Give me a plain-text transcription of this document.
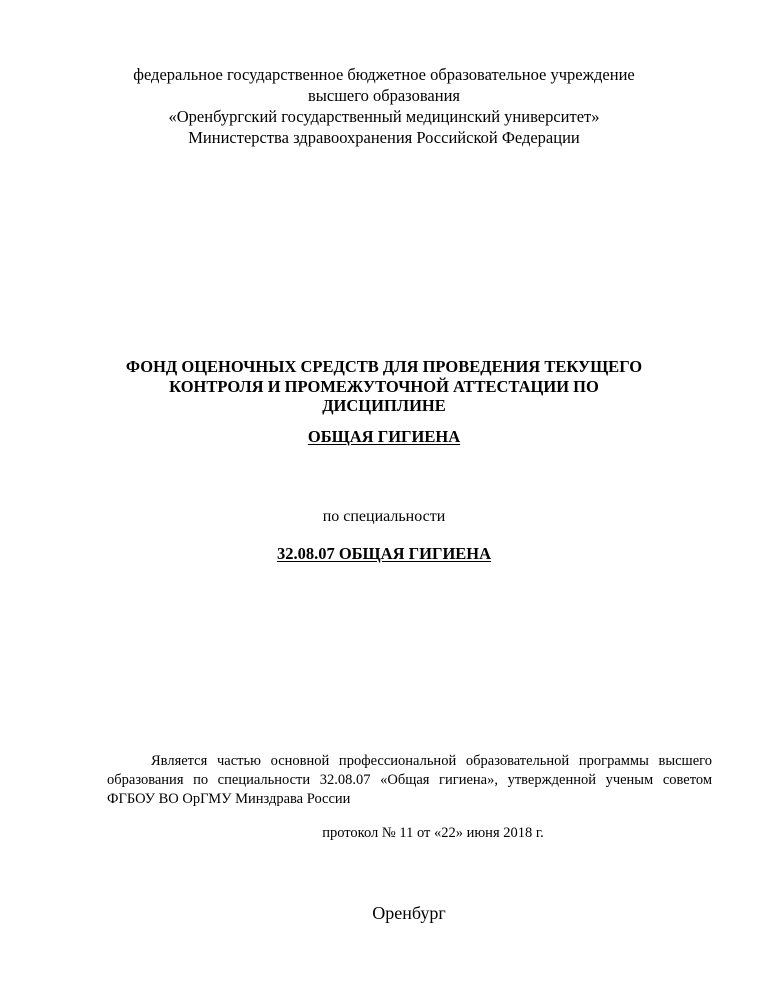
федеральное государственное бюджетное образовательное учреждение
высшего образования
«Оренбургский государственный медицинский университет»
Министерства здравоохранения Российской Федерации
ФОНД ОЦЕНОЧНЫХ СРЕДСТВ ДЛЯ ПРОВЕДЕНИЯ ТЕКУЩЕГО
КОНТРОЛЯ И ПРОМЕЖУТОЧНОЙ АТТЕСТАЦИИ ПО
ДИСЦИПЛИНЕ
ОБЩАЯ ГИГИЕНА
по специальности
32.08.07 ОБЩАЯ ГИГИЕНА
Является частью основной профессиональной образовательной программы высшего образования по специальности 32.08.07 «Общая гигиена», утвержденной ученым советом ФГБОУ ВО ОрГМУ Минздрава России
протокол № 11 от «22» июня 2018 г.
Оренбург
